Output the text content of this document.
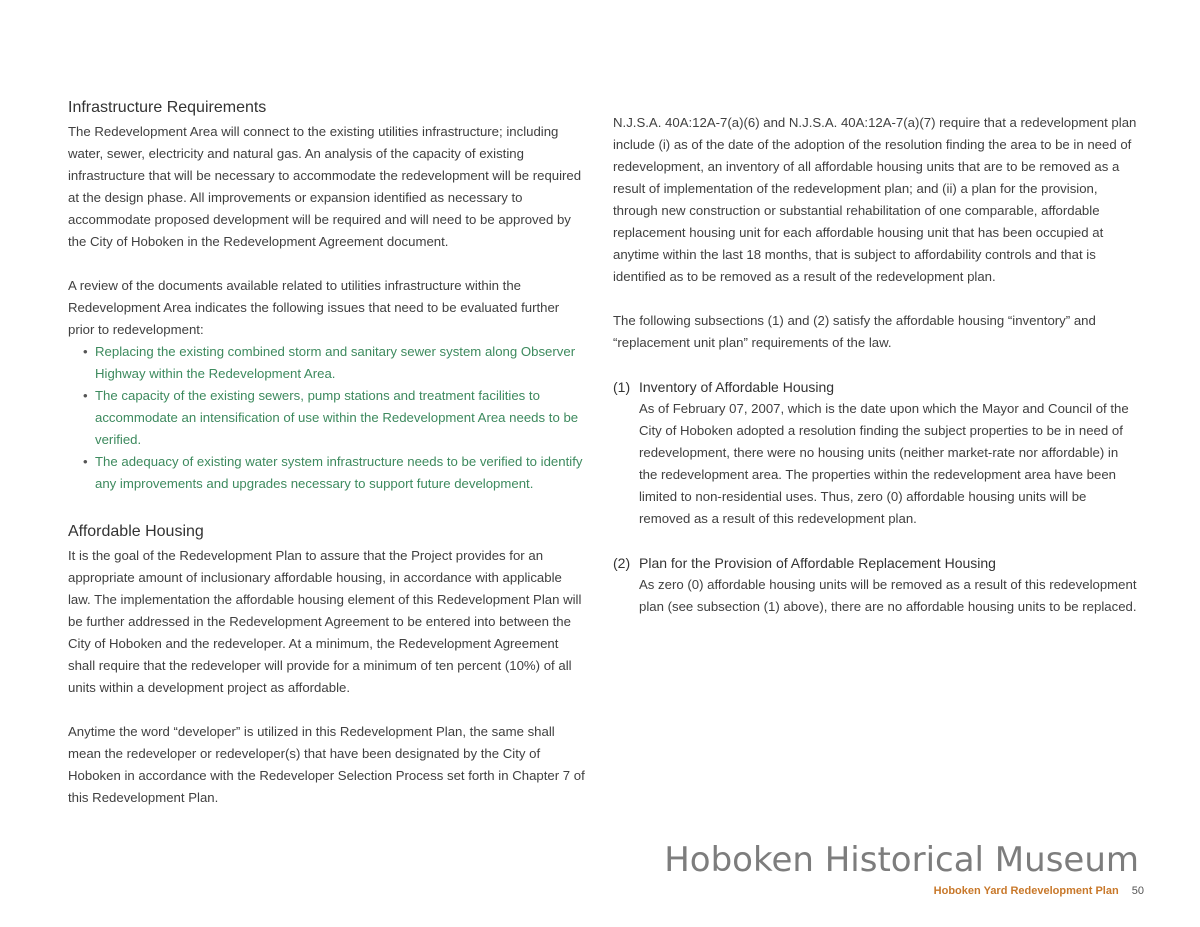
Infrastructure Requirements

The Redevelopment Area will connect to the existing utilities infrastructure; including water, sewer, electricity and natural gas. An analysis of the capacity of existing infrastructure that will be necessary to accommodate the redevelopment will be required at the design phase. All improvements or expansion identified as necessary to accommodate proposed development will be required and will need to be approved by the City of Hoboken in the Redevelopment Agreement document.

A review of the documents available related to utilities infrastructure within the Redevelopment Area indicates the following issues that need to be evaluated further prior to redevelopment:

• Replacing the existing combined storm and sanitary sewer system along Observer Highway within the Redevelopment Area.
• The capacity of the existing sewers, pump stations and treatment facilities to accommodate an intensification of use within the Redevelopment Area needs to be verified.
• The adequacy of existing water system infrastructure needs to be verified to identify any improvements and upgrades necessary to support future development.
Affordable Housing

It is the goal of the Redevelopment Plan to assure that the Project provides for an appropriate amount of inclusionary affordable housing, in accordance with applicable law. The implementation the affordable housing element of this Redevelopment Plan will be further addressed in the Redevelopment Agreement to be entered into between the City of Hoboken and the redeveloper. At a minimum, the Redevelopment Agreement shall require that the redeveloper will provide for a minimum of ten percent (10%) of all units within a development project as affordable.

Anytime the word “developer” is utilized in this Redevelopment Plan, the same shall mean the redeveloper or redeveloper(s) that have been designated by the City of Hoboken in accordance with the Redeveloper Selection Process set forth in Chapter 7 of this Redevelopment Plan.

N.J.S.A. 40A:12A-7(a)(6) and N.J.S.A. 40A:12A-7(a)(7) require that a redevelopment plan include (i) as of the date of the adoption of the resolution finding the area to be in need of redevelopment, an inventory of all affordable housing units that are to be removed as a result of implementation of the redevelopment plan; and (ii) a plan for the provision, through new construction or substantial rehabilitation of one comparable, affordable replacement housing unit for each affordable housing unit that has been occupied at anytime within the last 18 months, that is subject to affordability controls and that is identified as to be removed as a result of the redevelopment plan.

The following subsections (1) and (2) satisfy the affordable housing “inventory” and “replacement unit plan” requirements of the law.

(1) Inventory of Affordable Housing

As of February 07, 2007, which is the date upon which the Mayor and Council of the City of Hoboken adopted a resolution finding the subject properties to be in need of redevelopment, there were no housing units (neither market-rate nor affordable) in the redevelopment area. The properties within the redevelopment area have been limited to non-residential uses. Thus, zero (0) affordable housing units will be removed as a result of this redevelopment plan.

(2) Plan for the Provision of Affordable Replacement Housing

As zero (0) affordable housing units will be removed as a result of this redevelopment plan (see subsection (1) above), there are no affordable housing units to be replaced.

Hoboken Historical Museum
Hoboken Yard Redevelopment Plan 50
